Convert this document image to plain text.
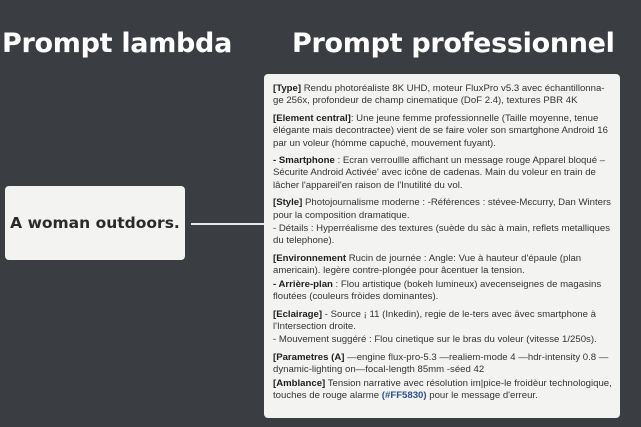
Prompt lambda Prompt professionnel
A woman outdoors.

[Type] Rendu photoréaliste 8K UHD, moteur FluxPro v5.3 avec échantillonna-ge 256x, profondeur de champ cinematique (DoF 2.4), textures PBR 4K

[Element central]: Une jeune femme professionnelle (Taille moyenne, tenue élégante mais decontractee) vient de se faire voler son smartghone Android 16 par un voleur (hómme capuché, mouvement fuyant).

- Smartphone : Ecran verroullle affichant un message rouge Apparel bloqué – Sécurite Android Activée' avec icône de cadenas. Main du voleur en train de lâcher l'appareil'en raison de l'Inutilité du vol.

[Style] Photojournalisme moderne : -Références : stévee-Mєcurry, Dan Winters pour la composition dramatique.

- Détails : Hyperréalisme des textures (suède du sàc à main, reflets metalliques du telephone).

[Environnement Rucin de journée : Angle: Vue à hauteur d'épaule (plan americain). legère contre-plongée pour âcentuer la tension.

- Arrière-plan : Flou artistique (bokeh lumineux) avecenseignes de magasins floutées (couleurs fròides dominantes).

[Eclairage] - Source ¡ 11 (Inkedin), regie de le-ters avec ävec smartphone à l'Intersection droite.

- Mouvement suggéré : Flou cinetique sur le bras du voleur (vitesse 1/250s).

[Parametres (A] —engine flux-pro-5.3 —realiem-mode 4 —hdr-intensity 0.8 —dynamic-lighting on—focal-length 85mm -séed 42

[Amblance] Tension narrative avec résolution im|pice-le froidèur technologique, touches de rouge alarme (#FF5830) pour le message d'erreur.
